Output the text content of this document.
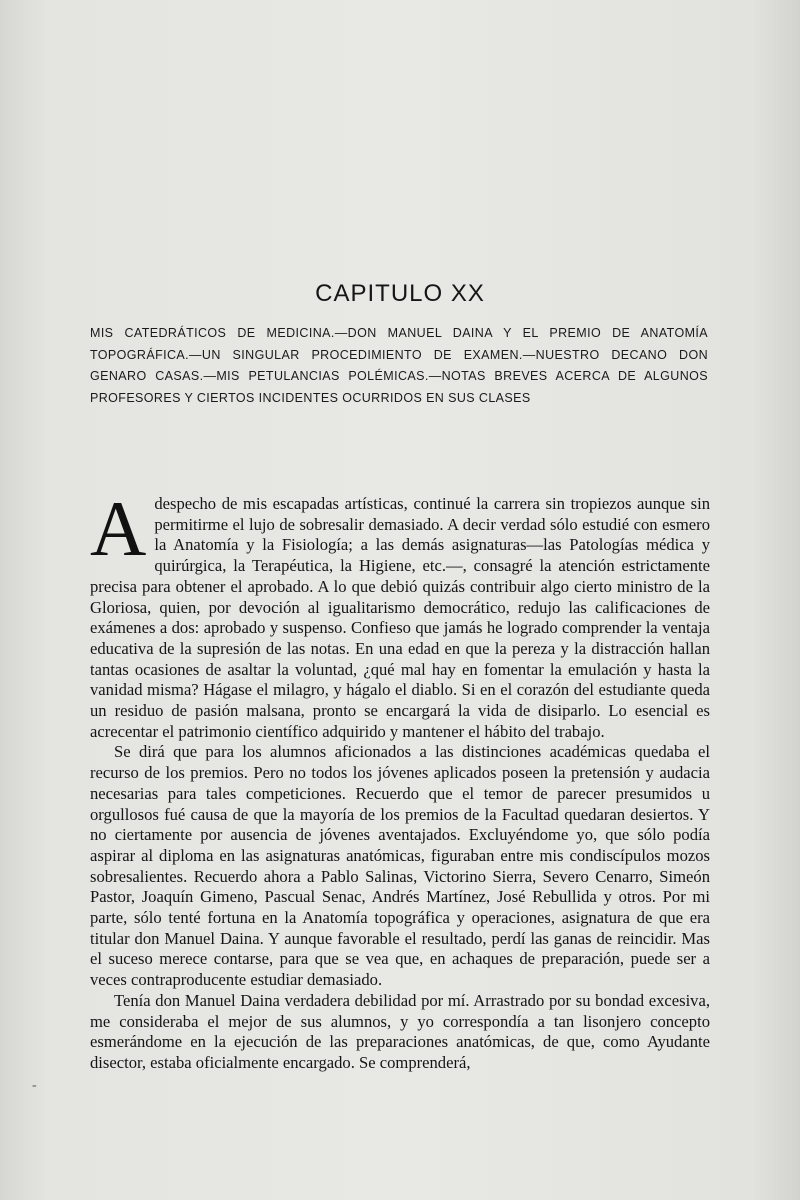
CAPITULO XX
MIS CATEDRÁTICOS DE MEDICINA.—DON MANUEL DAINA Y EL PREMIO DE ANATOMÍA TOPOGRÁFICA.—UN SINGULAR PROCEDIMIENTO DE EXAMEN.—NUESTRO DECANO DON GENARO CASAS.—MIS PETULANCIAS POLÉMICAS.—NOTAS BREVES ACERCA DE ALGUNOS PROFESORES Y CIERTOS INCIDENTES OCURRIDOS EN SUS CLASES

Adespecho de mis escapadas artísticas, continué la carrera sin tropiezos aunque sin permitirme el lujo de sobresalir demasiado. A decir verdad sólo estudié con esmero la Anatomía y la Fisiología; a las demás asignaturas—las Patologías médica y quirúrgica, la Terapéutica, la Higiene, etc.—, consagré la atención estrictamente precisa para obtener el aprobado. A lo que debió quizás contribuir algo cierto ministro de la Gloriosa, quien, por devoción al igualitarismo democrático, redujo las calificaciones de exámenes a dos: aprobado y suspenso. Confieso que jamás he logrado comprender la ventaja educativa de la supresión de las notas. En una edad en que la pereza y la distracción hallan tantas ocasiones de asaltar la voluntad, ¿qué mal hay en fomentar la emulación y hasta la vanidad misma? Hágase el milagro, y hágalo el diablo. Si en el corazón del estudiante queda un residuo de pasión malsana, pronto se encargará la vida de disiparlo. Lo esencial es acrecentar el patrimonio científico adquirido y mantener el hábito del trabajo.

Se dirá que para los alumnos aficionados a las distinciones académicas quedaba el recurso de los premios. Pero no todos los jóvenes aplicados poseen la pretensión y audacia necesarias para tales competiciones. Recuerdo que el temor de parecer presumidos u orgullosos fué causa de que la mayoría de los premios de la Facultad quedaran desiertos. Y no ciertamente por ausencia de jóvenes aventajados. Excluyéndome yo, que sólo podía aspirar al diploma en las asignaturas anatómicas, figuraban entre mis condiscípulos mozos sobresalientes. Recuerdo ahora a Pablo Salinas, Victorino Sierra, Severo Cenarro, Simeón Pastor, Joaquín Gimeno, Pascual Senac, Andrés Martínez, José Rebullida y otros. Por mi parte, sólo tenté fortuna en la Anatomía topográfica y operaciones, asignatura de que era titular don Manuel Daina. Y aunque favorable el resultado, perdí las ganas de reincidir. Mas el suceso merece contarse, para que se vea que, en achaques de preparación, puede ser a veces contraproducente estudiar demasiado.

Tenía don Manuel Daina verdadera debilidad por mí. Arrastrado por su bondad excesiva, me consideraba el mejor de sus alumnos, y yo correspondía a tan lisonjero concepto esmerándome en la ejecución de las preparaciones anatómicas, de que, como Ayudante disector, estaba oficialmente encargado. Se comprenderá,

‐
